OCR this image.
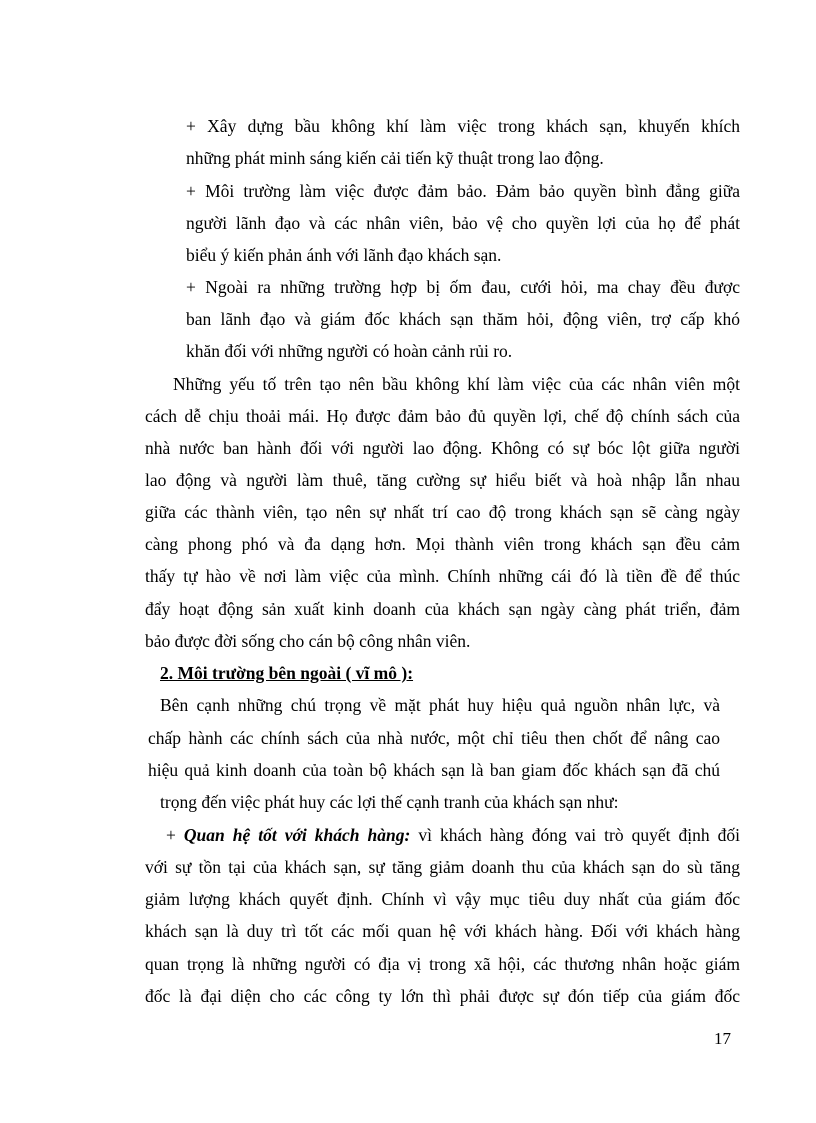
+ Xây dựng bầu không khí làm việc trong khách sạn, khuyến khích
những phát minh sáng kiến cải tiến kỹ thuật trong lao động.
+ Môi trường làm việc được đảm bảo. Đảm bảo quyền bình đẳng giữa
người lãnh đạo và các nhân viên, bảo vệ cho quyền lợi của họ để phát
biểu ý kiến phản ánh với lãnh đạo khách sạn.
+ Ngoài ra những trường hợp bị ốm đau, cưới hỏi, ma chay đều được
ban lãnh đạo và giám đốc khách sạn thăm hỏi, động viên, trợ cấp khó
khăn đối với những người có hoàn cảnh rủi ro.
Những yếu tố trên tạo nên bầu không khí làm việc của các nhân viên một
cách dễ chịu thoải mái. Họ được đảm bảo đủ quyền lợi, chế độ chính sách của
nhà nước ban hành đối với người lao động. Không có sự bóc lột giữa người
lao động và người làm thuê, tăng cường sự hiểu biết và hoà nhập lẫn nhau
giữa các thành viên, tạo nên sự nhất trí cao độ trong khách sạn sẽ càng ngày
càng phong phó và đa dạng hơn. Mọi thành viên trong khách sạn đều cảm
thấy tự hào về nơi làm việc của mình. Chính những cái đó là tiền đề để thúc
đẩy hoạt động sản xuất kinh doanh của khách sạn ngày càng phát triển, đảm
bảo được đời sống cho cán bộ công nhân viên.
2. Môi trường bên ngoài ( vĩ mô ):
Bên cạnh những chú trọng về mặt phát huy hiệu quả nguồn nhân lực, và
chấp hành các chính sách của nhà nước, một chỉ tiêu then chốt để nâng cao
hiệu quả kinh doanh của toàn bộ khách sạn là ban giam đốc khách sạn đã chú
trọng đến việc phát huy các lợi thế cạnh tranh của khách sạn như:
+ Quan hệ tốt với khách hàng: vì khách hàng đóng vai trò quyết định đối
với sự tồn tại của khách sạn, sự tăng giảm doanh thu của khách sạn do sù tăng
giảm lượng khách quyết định. Chính vì vậy mục tiêu duy nhất của giám đốc
khách sạn là duy trì tốt các mối quan hệ với khách hàng. Đối với khách hàng
quan trọng là những người có địa vị trong xã hội, các thương nhân hoặc giám
đốc là đại diện cho các công ty lớn thì phải được sự đón tiếp của giám đốc
17
